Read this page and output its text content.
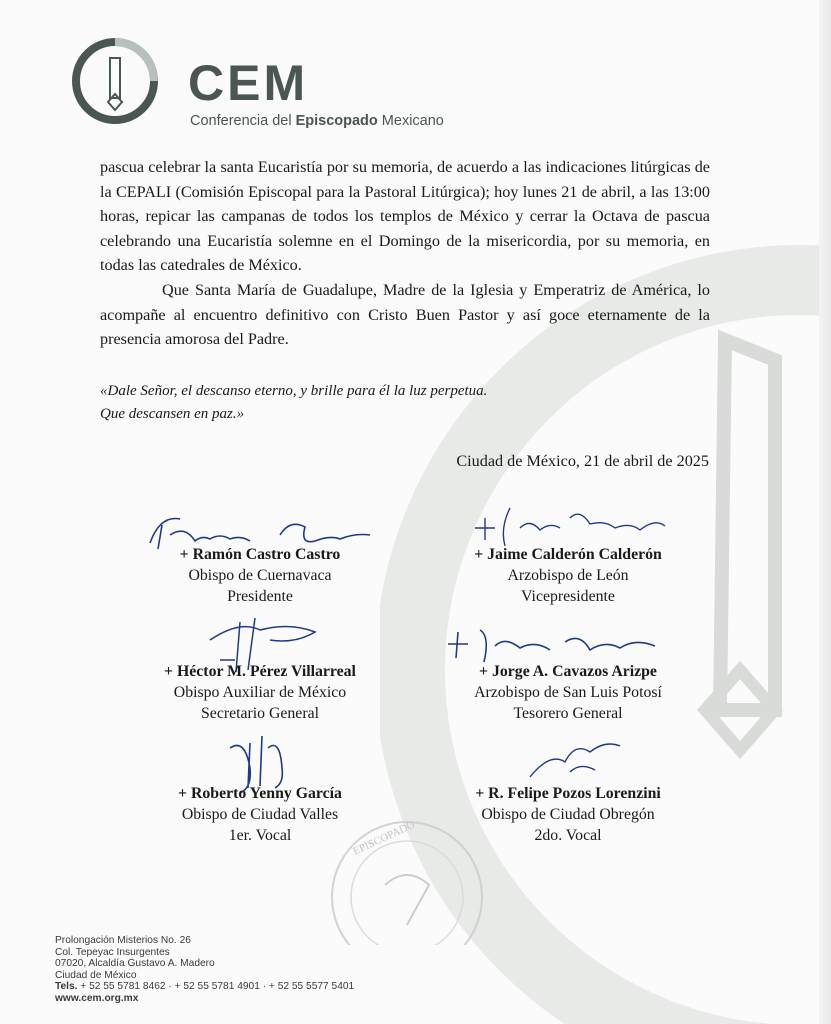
EPISCOPADO
CEM
Conferencia del Episcopado Mexicano
pascua celebrar la santa Eucaristía por su memoria, de acuerdo a las indicaciones litúrgicas de la CEPALI (Comisión Episcopal para la Pastoral Litúrgica); hoy lunes 21 de abril, a las 13:00 horas, repicar las campanas de todos los templos de México y cerrar la Octava de pascua celebrando una Eucaristía solemne en el Domingo de la misericordia, por su memoria, en todas las catedrales de México.
Que Santa María de Guadalupe, Madre de la Iglesia y Emperatriz de América, lo acompañe al encuentro definitivo con Cristo Buen Pastor y así goce eternamente de la presencia amorosa del Padre.
«Dale Señor, el descanso eterno, y brille para él la luz perpetua.
Que descansen en paz.»
Ciudad de México, 21 de abril de 2025
+ Ramón Castro Castro
Obispo de Cuernavaca
Presidente
+ Jaime Calderón Calderón
Arzobispo de León
Vicepresidente
+ Héctor M. Pérez Villarreal
Obispo Auxiliar de México
Secretario General
+ Jorge A. Cavazos Arizpe
Arzobispo de San Luis Potosí
Tesorero General
+ Roberto Yenny García
Obispo de Ciudad Valles
1er. Vocal
+ R. Felipe Pozos Lorenzini
Obispo de Ciudad Obregón
2do. Vocal
Prolongación Misterios No. 26
Col. Tepeyac Insurgentes
07020, Alcaldía Gustavo A. Madero
Ciudad de México
Tels. + 52 55 5781 8462 · + 52 55 5781 4901 · + 52 55 5577 5401
www.cem.org.mx
